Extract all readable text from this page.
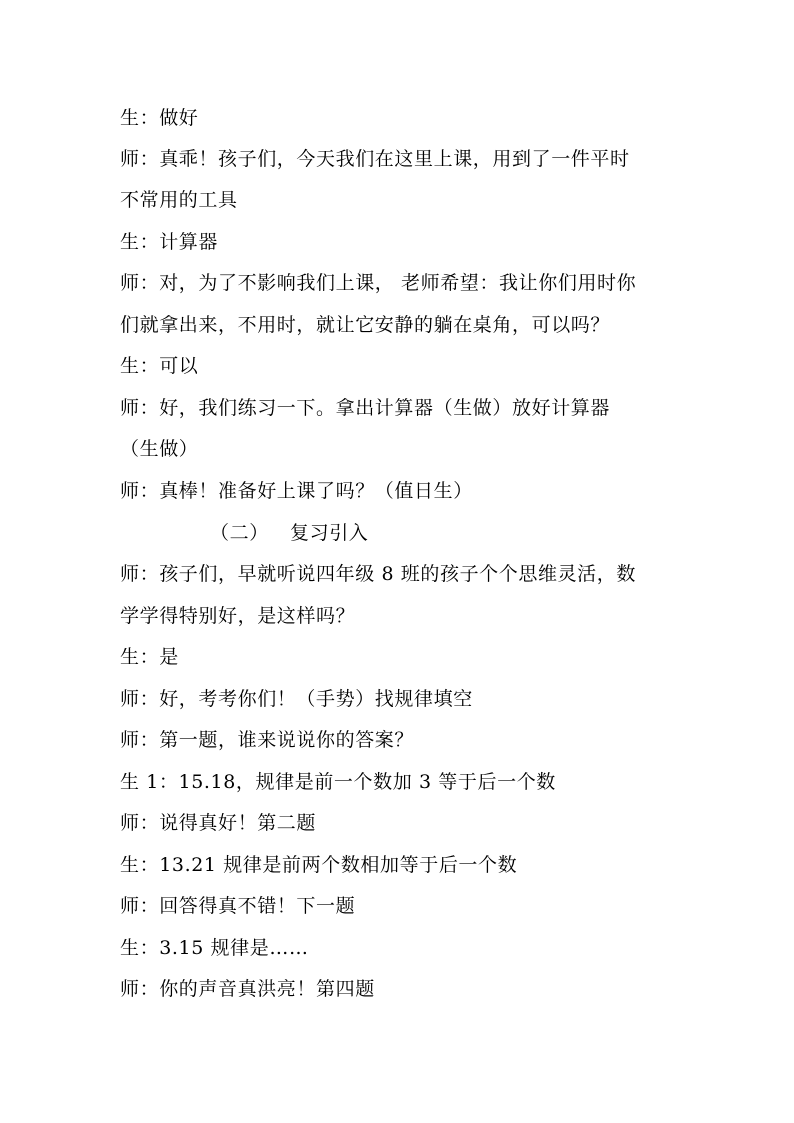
生：做好
师：真乖！孩子们，今天我们在这里上课，用到了一件平时
不常用的工具
生：计算器
师：对，为了不影响我们上课， 老师希望：我让你们用时你
们就拿出来，不用时，就让它安静的躺在桌角，可以吗？
生：可以
师：好，我们练习一下。拿出计算器（生做）放好计算器
（生做）
师：真棒！准备好上课了吗？（值日生）
（二） 复习引入
师：孩子们，早就听说四年级 8 班的孩子个个思维灵活，数
学学得特别好，是这样吗？
生：是
师：好，考考你们！（手势）找规律填空
师：第一题，谁来说说你的答案？
生 1：15.18，规律是前一个数加 3 等于后一个数
师：说得真好！第二题
生：13.21 规律是前两个数相加等于后一个数
师：回答得真不错！下一题
生：3.15 规律是……
师：你的声音真洪亮！第四题
